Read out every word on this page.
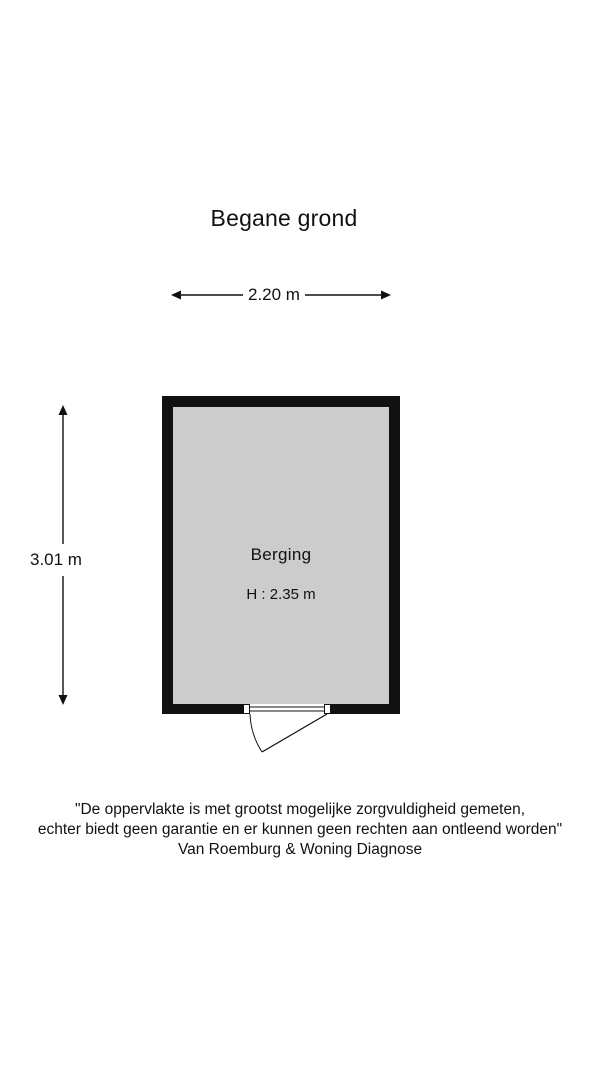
Begane grond
2.20 m
3.01 m	Berging
H : 2.35 m
"De oppervlakte is met grootst mogelijke zorgvuldigheid gemeten,
echter biedt geen garantie en er kunnen geen rechten aan ontleend worden"
Van Roemburg & Woning Diagnose
